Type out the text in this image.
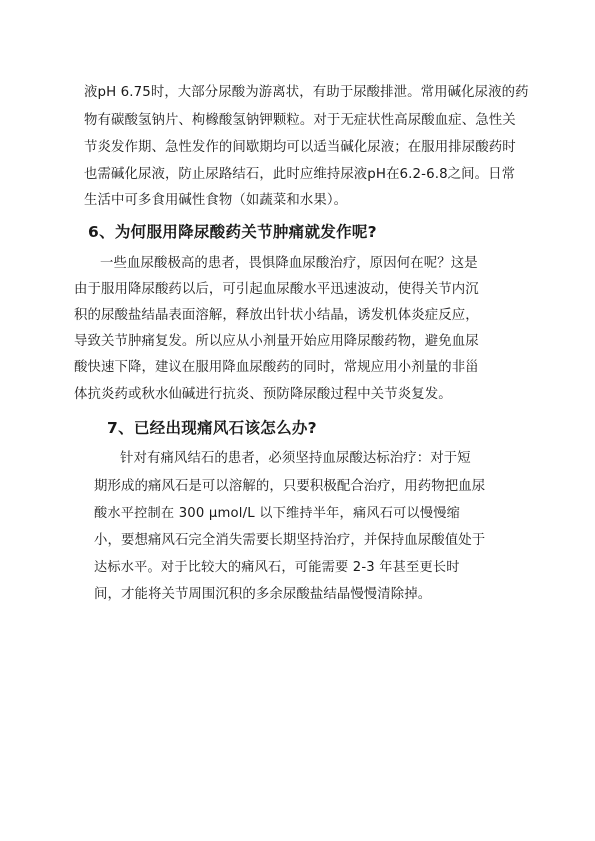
液pH 6.75时，大部分尿酸为游离状，有助于尿酸排泄。常用碱化尿液的药
物有碳酸氢钠片、枸橼酸氢钠钾颗粒。对于无症状性高尿酸血症、急性关
节炎发作期、急性发作的间歇期均可以适当碱化尿液；在服用排尿酸药时
也需碱化尿液，防止尿路结石，此时应维持尿液pH在6.2-6.8之间。日常
生活中可多食用碱性食物（如蔬菜和水果）。
6、为何服用降尿酸药关节肿痛就发作呢?
一些血尿酸极高的患者，畏惧降血尿酸治疗，原因何在呢？这是
由于服用降尿酸药以后，可引起血尿酸水平迅速波动，使得关节内沉
积的尿酸盐结晶表面溶解，释放出针状小结晶，诱发机体炎症反应，
导致关节肿痛复发。所以应从小剂量开始应用降尿酸药物，避免血尿
酸快速下降，建议在服用降血尿酸药的同时，常规应用小剂量的非甾
体抗炎药或秋水仙碱进行抗炎、预防降尿酸过程中关节炎复发。
7、已经出现痛风石该怎么办?
针对有痛风结石的患者，必须坚持血尿酸达标治疗：对于短
期形成的痛风石是可以溶解的，只要积极配合治疗，用药物把血尿
酸水平控制在 300 μmol/L 以下维持半年，痛风石可以慢慢缩
小，要想痛风石完全消失需要长期坚持治疗，并保持血尿酸值处于
达标水平。对于比较大的痛风石，可能需要 2-3 年甚至更长时
间，才能将关节周围沉积的多余尿酸盐结晶慢慢清除掉。
